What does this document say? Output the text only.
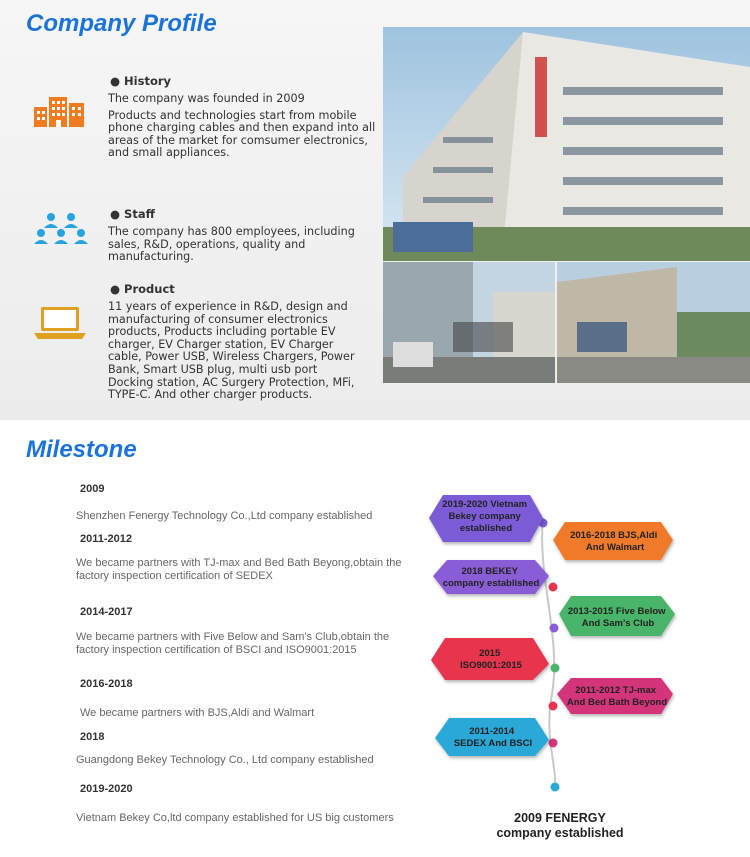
Company Profile
● History

The company was founded in 2009

Products and technologies start from mobile phone charging cables and then expand into all areas of the market for comsumer electronics, and small appliances.

● Staff

The company has 800 employees, including sales, R&D, operations, quality and manufacturing.

● Product

11 years of experience in R&D, design and manufacturing of consumer electronics products, Products including portable EV charger, EV Charger station, EV Charger cable, Power USB, Wireless Chargers, Power Bank, Smart USB plug, multi usb port Docking station, AC Surgery Protection, MFi, TYPE-C. And other charger products.

Milestone
2009
Shenzhen Fenergy Technology Co.,Ltd company established
2011-2012
We became partners with TJ-max and Bed Bath Beyong,obtain the factory inspection certification of SEDEX
2014-2017
We became partners with Five Below and Sam's Club,obtain the factory inspection certification of BSCI and ISO9001:2015
2016-2018
We became partners with BJS,Aldi and Walmart
2018
Guangdong Bekey Technology Co., Ltd company established
2019-2020
Vietnam Bekey Co,ltd company established for US big customers
2019-2020 Vietnam Bekey company established
2018 BEKEY company established
2015 ISO9001:2015
2011-2014 SEDEX And BSCI
2016-2018 BJS,Aldi And Walmart
2013-2015 Five Below And Sam's Club
2011-2012 TJ-max And Bed Bath Beyond
2009 FENERGY
company established
